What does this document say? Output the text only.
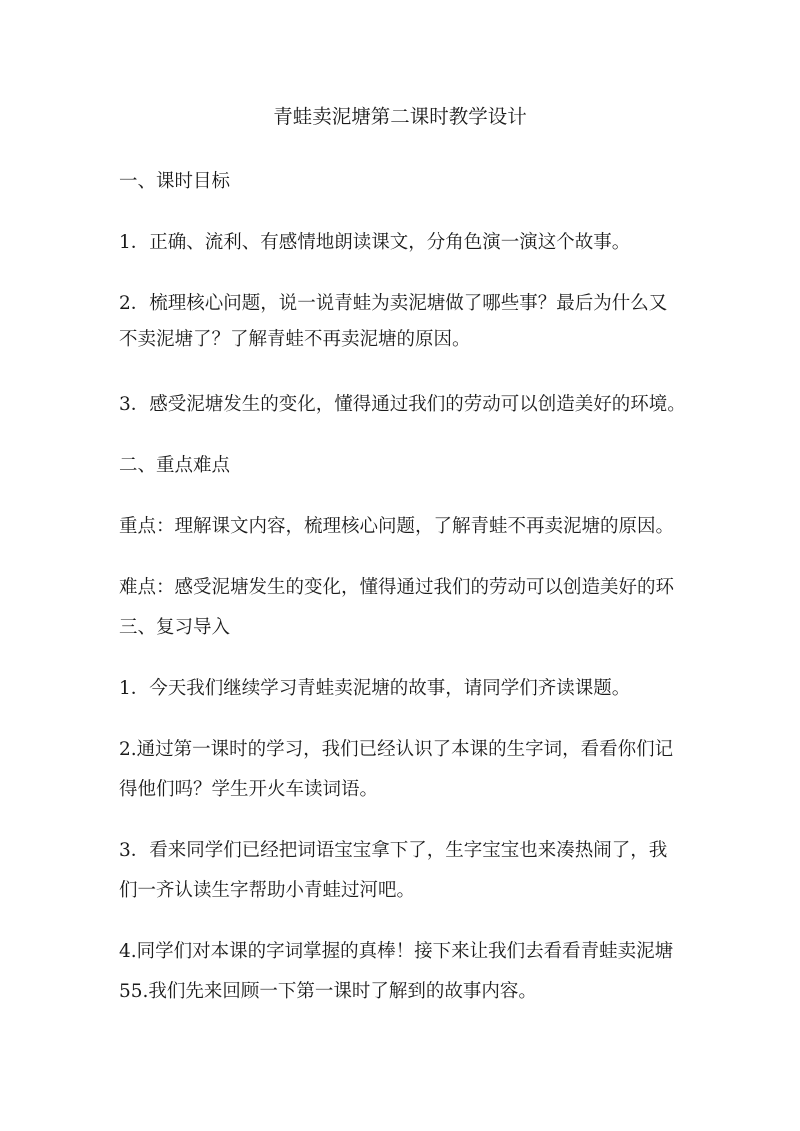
青蛙卖泥塘第二课时教学设计
一、课时目标
1．正确、流利、有感情地朗读课文，分角色演一演这个故事。
2．梳理核心问题，说一说青蛙为卖泥塘做了哪些事？最后为什么又
不卖泥塘了？了解青蛙不再卖泥塘的原因。
3．感受泥塘发生的变化，懂得通过我们的劳动可以创造美好的环境。
二、重点难点
重点：理解课文内容，梳理核心问题，了解青蛙不再卖泥塘的原因。
难点：感受泥塘发生的变化，懂得通过我们的劳动可以创造美好的环
三、复习导入
1．今天我们继续学习青蛙卖泥塘的故事，请同学们齐读课题。
2.通过第一课时的学习，我们已经认识了本课的生字词，看看你们记
得他们吗？学生开火车读词语。
3．看来同学们已经把词语宝宝拿下了，生字宝宝也来凑热闹了，我
们一齐认读生字帮助小青蛙过河吧。
4.同学们对本课的字词掌握的真棒！接下来让我们去看看青蛙卖泥塘
55.我们先来回顾一下第一课时了解到的故事内容。
